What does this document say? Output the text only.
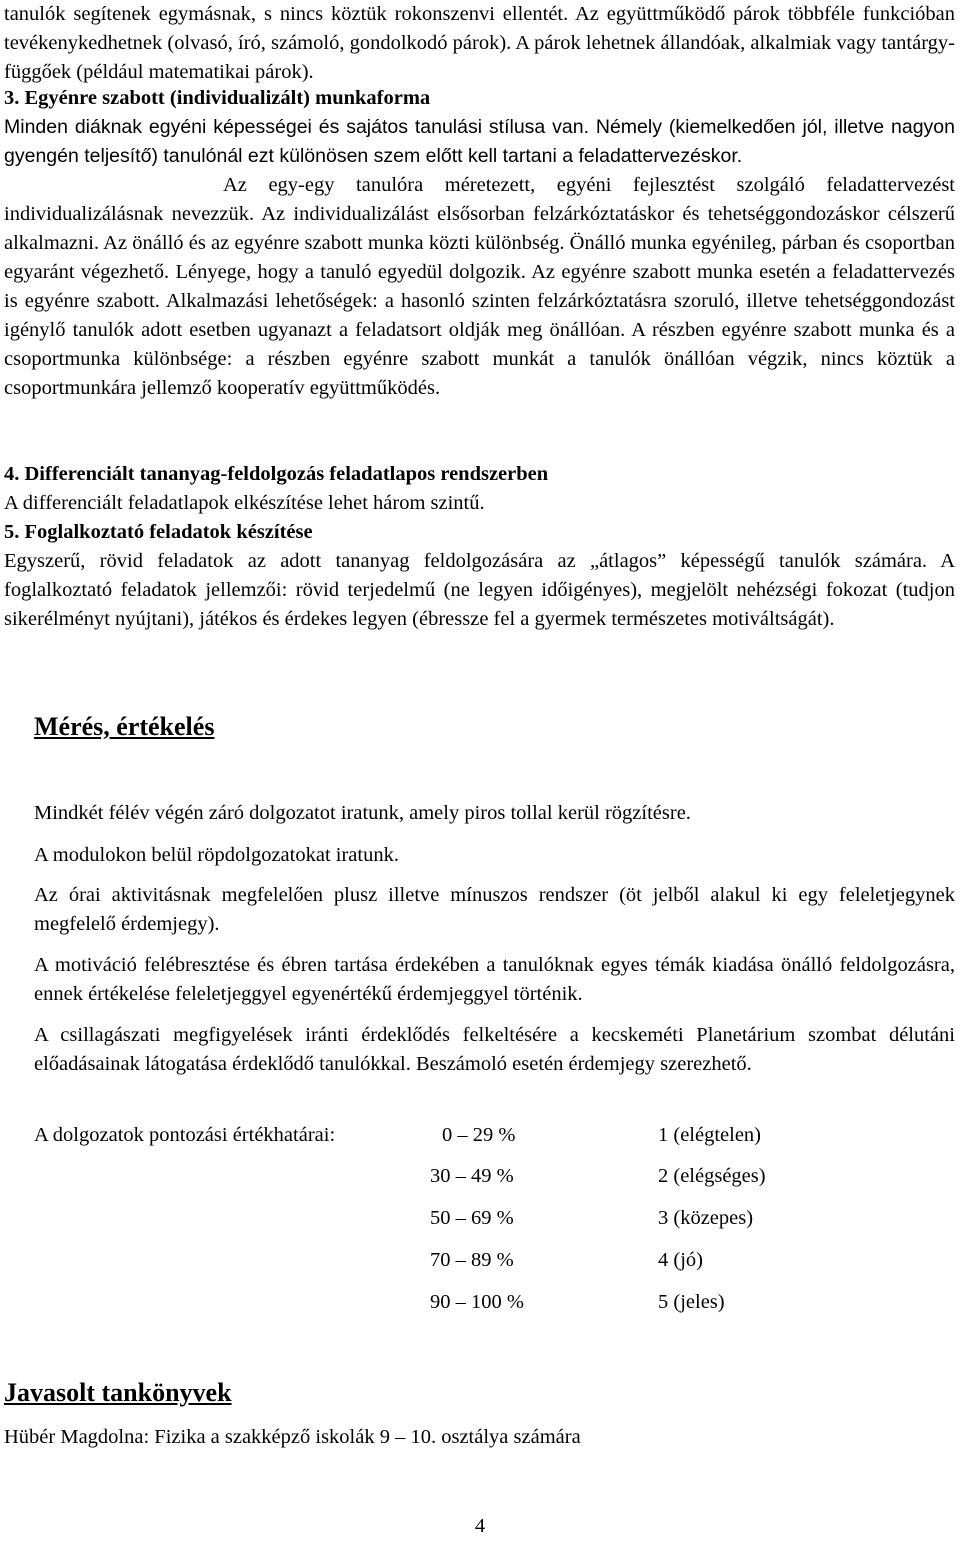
tanulók segítenek egymásnak, s nincs köztük rokonszenvi ellentét. Az együttműködő párok többféle funkcióban tevékenykedhetnek (olvasó, író, számoló, gondolkodó párok). A párok lehetnek állandóak, alkalmiak vagy tantárgy-függőek (például matematikai párok).

3. Egyénre szabott (individualizált) munkaforma

Minden diáknak egyéni képességei és sajátos tanulási stílusa van. Némely (kiemelkedően jól, illetve nagyon gyengén teljesítő) tanulónál ezt különösen szem előtt kell tartani a feladattervezéskor.

Az egy-egy tanulóra méretezett, egyéni fejlesztést szolgáló feladattervezést individualizálásnak nevezzük. Az individualizálást elsősorban felzárkóztatáskor és tehetséggondozáskor célszerű alkalmazni. Az önálló és az egyénre szabott munka közti különbség. Önálló munka egyénileg, párban és csoportban egyaránt végezhető. Lényege, hogy a tanuló egyedül dolgozik. Az egyénre szabott munka esetén a feladattervezés is egyénre szabott. Alkalmazási lehetőségek: a hasonló szinten felzárkóztatásra szoruló, illetve tehetséggondozást igénylő tanulók adott esetben ugyanazt a feladatsort oldják meg önállóan. A részben egyénre szabott munka és a csoportmunka különbsége: a részben egyénre szabott munkát a tanulók önállóan végzik, nincs köztük a csoportmunkára jellemző kooperatív együttműködés.

4. Differenciált tananyag-feldolgozás feladatlapos rendszerben

A differenciált feladatlapok elkészítése lehet három szintű.

5. Foglalkoztató feladatok készítése

Egyszerű, rövid feladatok az adott tananyag feldolgozására az „átlagos” képességű tanulók számára. A foglalkoztató feladatok jellemzői: rövid terjedelmű (ne legyen időigényes), megjelölt nehézségi fokozat (tudjon sikerélményt nyújtani), játékos és érdekes legyen (ébressze fel a gyermek természetes motiváltságát).

Mérés, értékelés

Mindkét félév végén záró dolgozatot iratunk, amely piros tollal kerül rögzítésre.

A modulokon belül röpdolgozatokat iratunk.

Az órai aktivitásnak megfelelően plusz illetve mínuszos rendszer (öt jelből alakul ki egy feleletjegynek megfelelő érdemjegy).

A motiváció felébresztése és ébren tartása érdekében a tanulóknak egyes témák kiadása önálló feldolgozásra, ennek értékelése feleletjeggyel egyenértékű érdemjeggyel történik.

A csillagászati megfigyelések iránti érdeklődés felkeltésére a kecskeméti Planetárium szombat délutáni előadásainak látogatása érdeklődő tanulókkal. Beszámoló esetén érdemjegy szerezhető.

A dolgozatok pontozási értékhatárai:	0 – 29 %	1 (elégtelen)

30 – 49 %	2 (elégséges)

50 – 69 %	3 (közepes)

70 – 89 %	4 (jó)

90 – 100 %	5 (jeles)

Javasolt tankönyvek

Hübér Magdolna: Fizika a szakképző iskolák 9 – 10. osztálya számára

4
